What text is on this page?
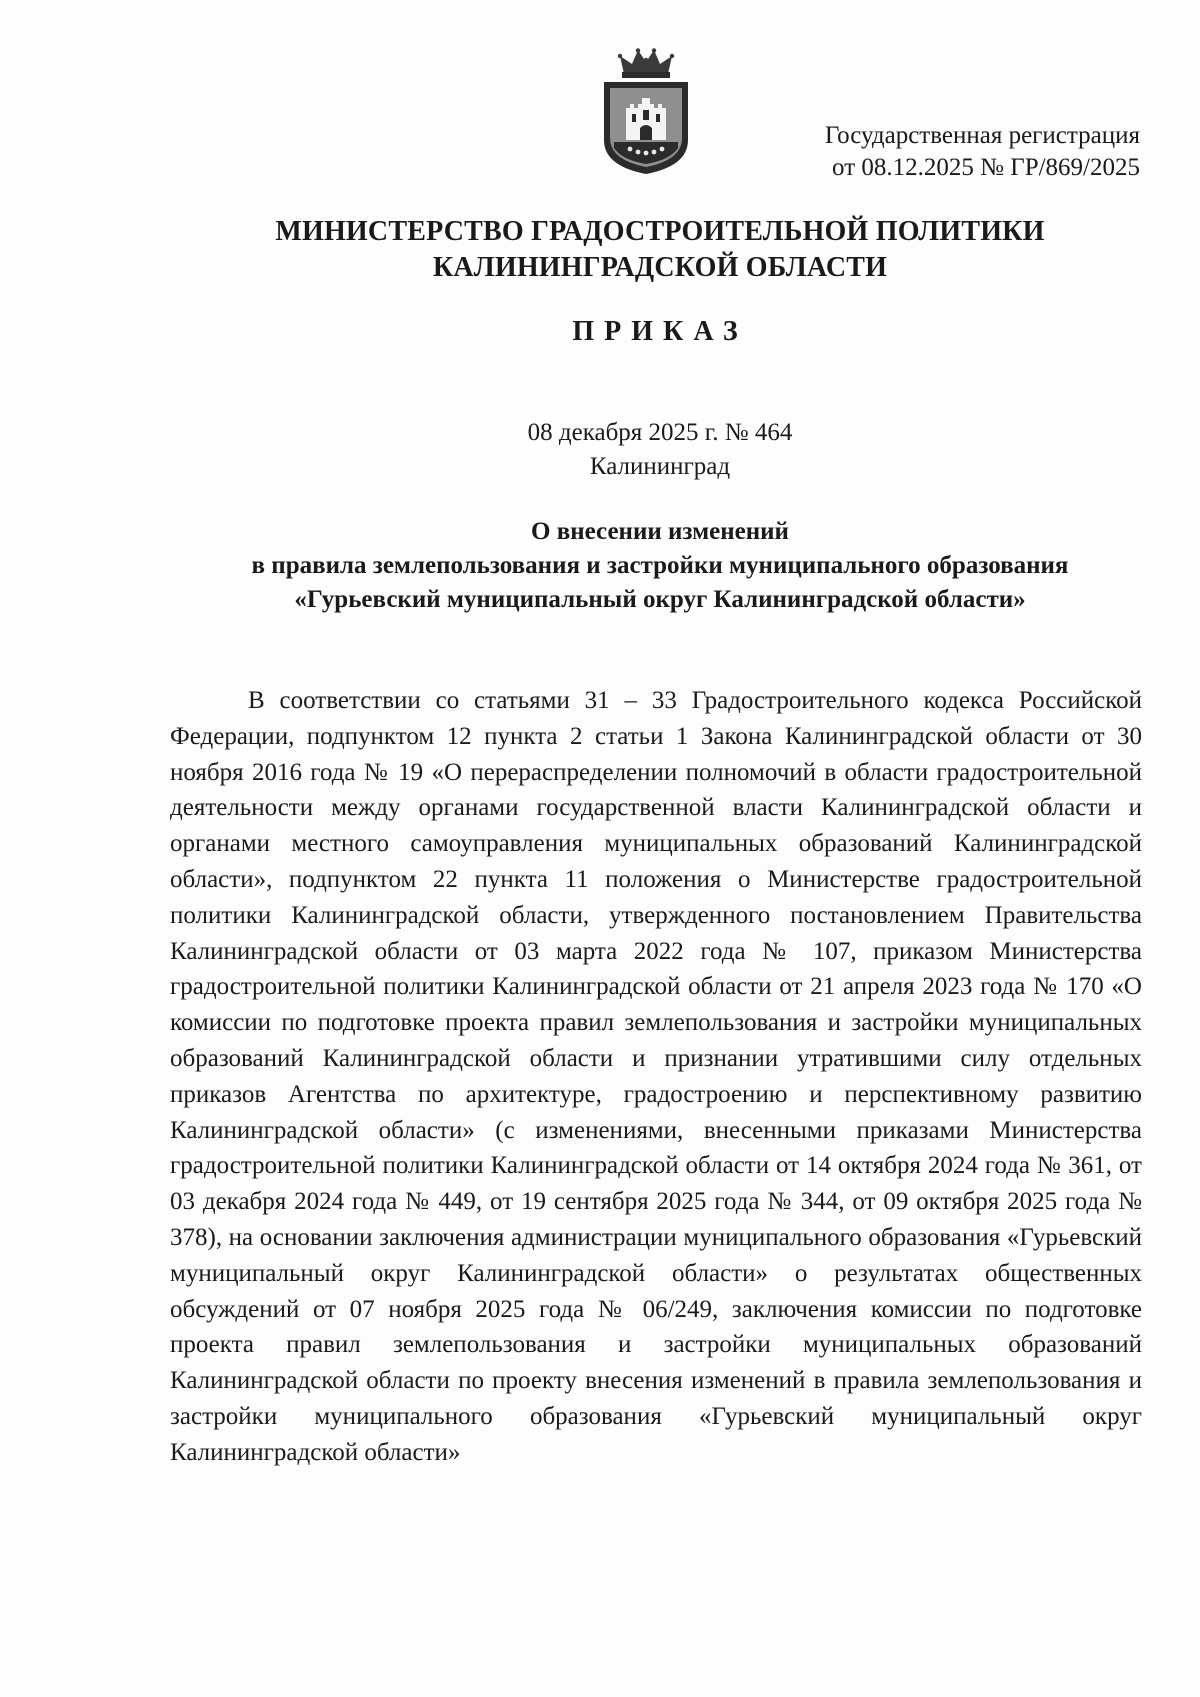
Государственная регистрация
от 08.12.2025 № ГР/869/2025
МИНИСТЕРСТВО ГРАДОСТРОИТЕЛЬНОЙ ПОЛИТИКИ
КАЛИНИНГРАДСКОЙ ОБЛАСТИ
ПРИКАЗ
08 декабря 2025 г. № 464
Калининград
О внесении изменений
в правила землепользования и застройки муниципального образования
«Гурьевский муниципальный округ Калининградской области»

В соответствии со статьями 31 – 33 Градостроительного кодекса Российской Федерации, подпунктом 12 пункта 2 статьи 1 Закона Калининградской области от 30 ноября 2016 года № 19 «О перераспределении полномочий в области градостроительной деятельности между органами государственной власти Калининградской области и органами местного самоуправления муниципальных образований Калининградской области», подпунктом 22 пункта 11 положения о Министерстве градостроительной политики Калининградской области, утвержденного постановлением Правительства Калининградской области от 03 марта 2022 года № 107, приказом Министерства градостроительной политики Калининградской области от 21 апреля 2023 года № 170 «О комиссии по подготовке проекта правил землепользования и застройки муниципальных образований Калининградской области и признании утратившими силу отдельных приказов Агентства по архитектуре, градостроению и перспективному развитию Калининградской области» (с изменениями, внесенными приказами Министерства градостроительной политики Калининградской области от 14 октября 2024 года № 361, от 03 декабря 2024 года № 449, от 19 сентября 2025 года № 344, от 09 октября 2025 года № 378), на основании заключения администрации муниципального образования «Гурьевский муниципальный округ Калининградской области» о результатах общественных обсуждений от 07 ноября 2025 года № 06/249, заключения комиссии по подготовке проекта правил землепользования и застройки муниципальных образований Калининградской области по проекту внесения изменений в правила землепользования и застройки муниципального образования «Гурьевский муниципальный округ Калининградской области»
